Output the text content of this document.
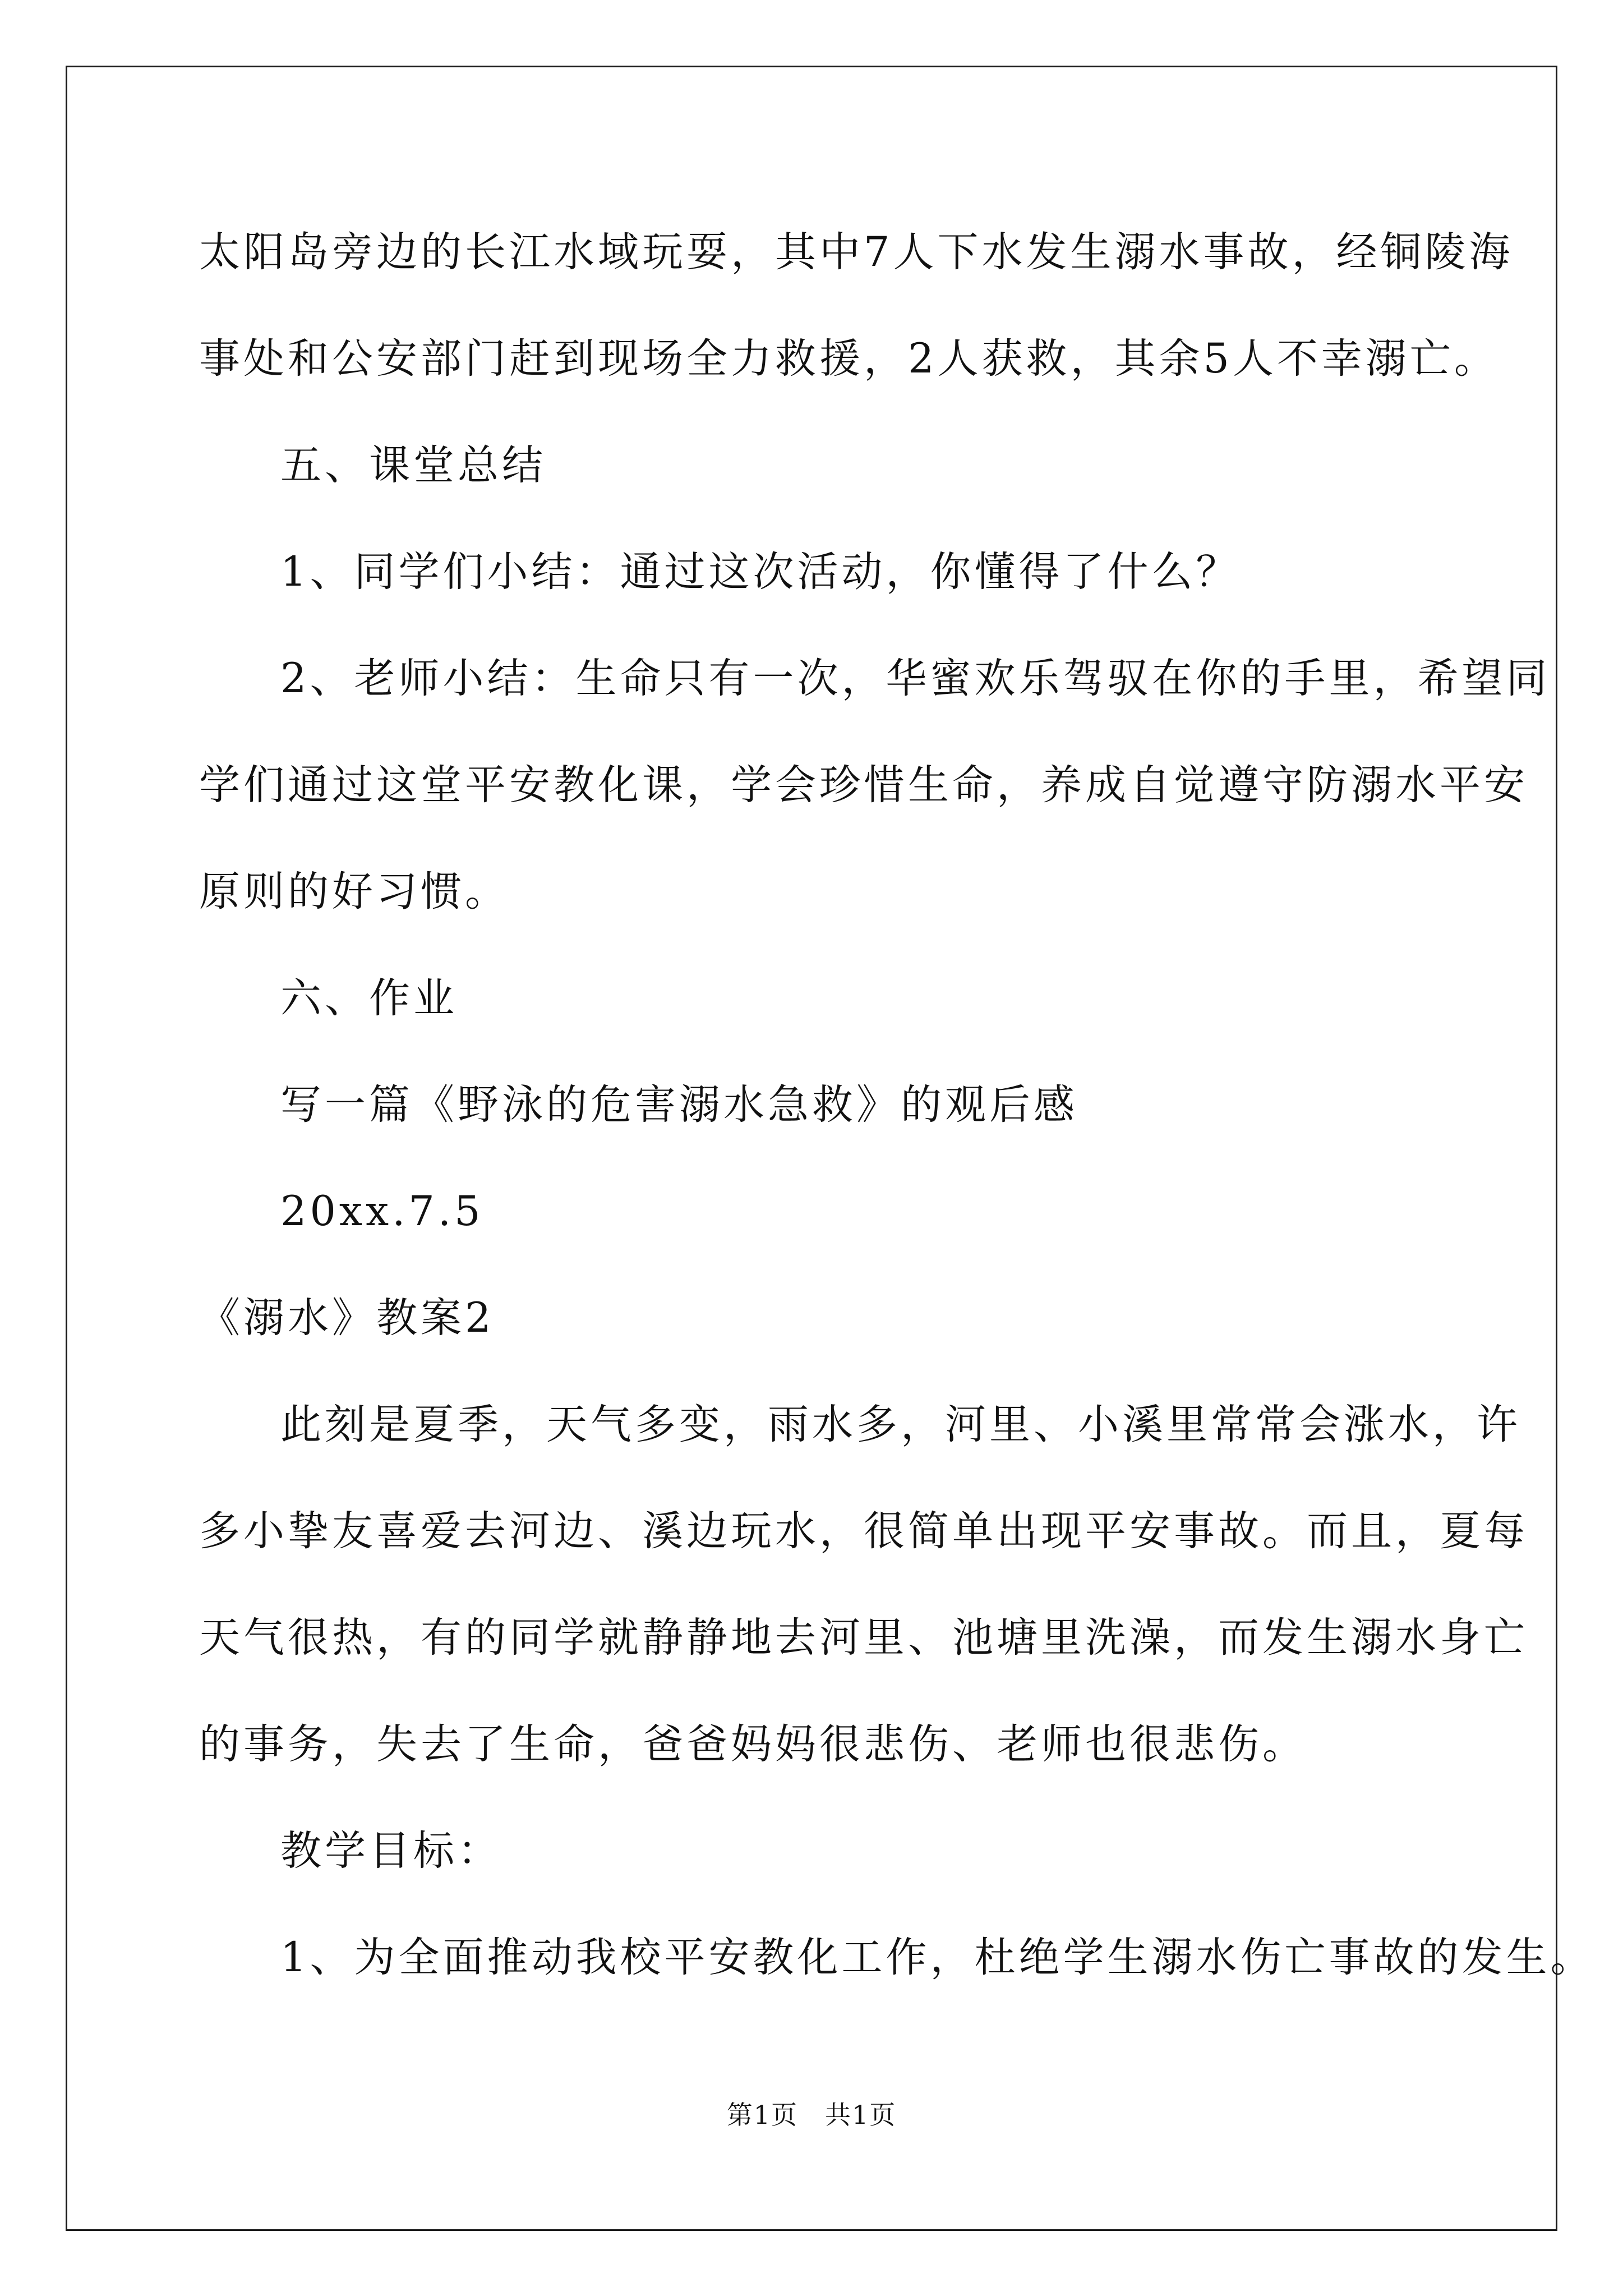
太阳岛旁边的长江水域玩耍，其中7人下水发生溺水事故，经铜陵海
事处和公安部门赶到现场全力救援，2人获救，其余5人不幸溺亡。
五、课堂总结
1、同学们小结：通过这次活动，你懂得了什么？
2、老师小结：生命只有一次，华蜜欢乐驾驭在你的手里，希望同
学们通过这堂平安教化课，学会珍惜生命，养成自觉遵守防溺水平安
原则的好习惯。
六、作业
写一篇《野泳的危害溺水急救》的观后感
20xx.7.5
《溺水》教案2
此刻是夏季，天气多变，雨水多，河里、小溪里常常会涨水，许
多小挚友喜爱去河边、溪边玩水，很简单出现平安事故。而且，夏每
天气很热，有的同学就静静地去河里、池塘里洗澡，而发生溺水身亡
的事务，失去了生命，爸爸妈妈很悲伤、老师也很悲伤。
教学目标：
1、为全面推动我校平安教化工作，杜绝学生溺水伤亡事故的发生。
第1页　共1页
